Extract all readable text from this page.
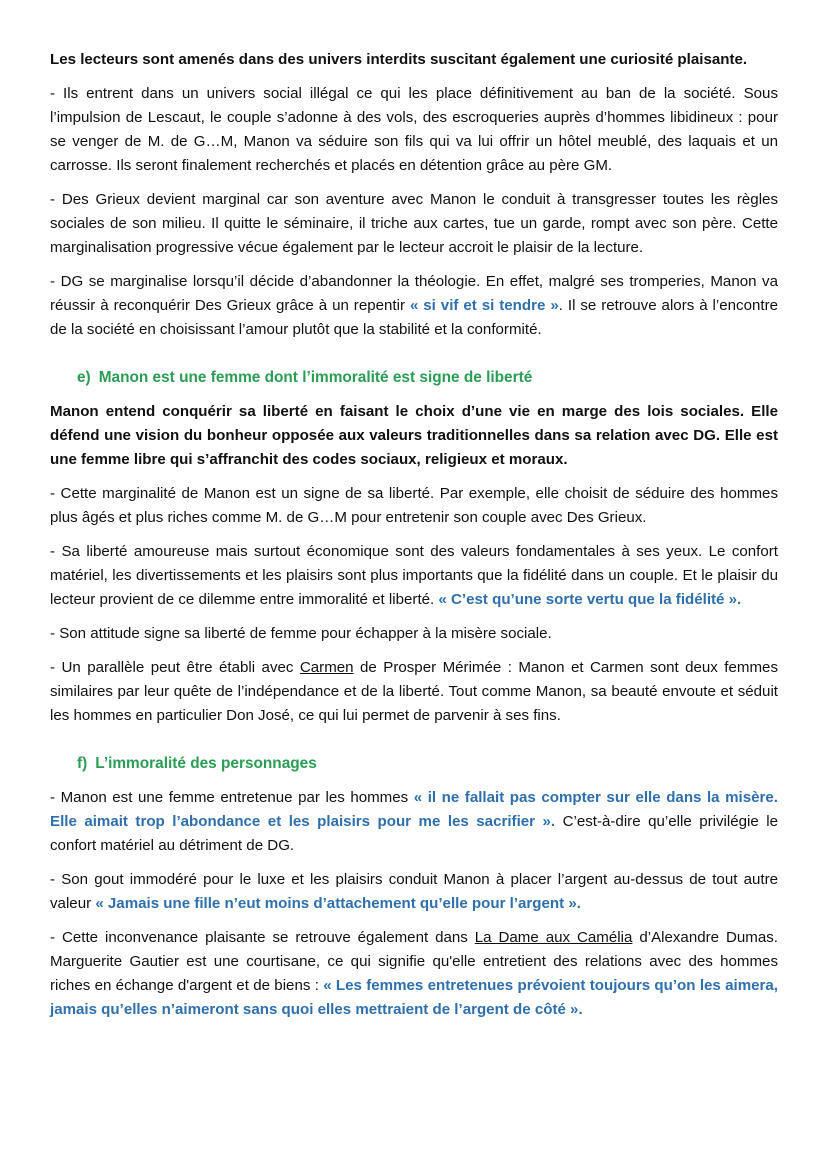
Les lecteurs sont amenés dans des univers interdits suscitant également une curiosité plaisante.

- Ils entrent dans un univers social illégal ce qui les place définitivement au ban de la société. Sous l’impulsion de Lescaut, le couple s’adonne à des vols, des escroqueries auprès d’hommes libidineux : pour se venger de M. de G…M, Manon va séduire son fils qui va lui offrir un hôtel meublé, des laquais et un carrosse. Ils seront finalement recherchés et placés en détention grâce au père GM.

- Des Grieux devient marginal car son aventure avec Manon le conduit à transgresser toutes les règles sociales de son milieu. Il quitte le séminaire, il triche aux cartes, tue un garde, rompt avec son père. Cette marginalisation progressive vécue également par le lecteur accroit le plaisir de la lecture.

- DG se marginalise lorsqu’il décide d’abandonner la théologie. En effet, malgré ses tromperies, Manon va réussir à reconquérir Des Grieux grâce à un repentir « si vif et si tendre ». Il se retrouve alors à l’encontre de la société en choisissant l’amour plutôt que la stabilité et la conformité.

e) Manon est une femme dont l’immoralité est signe de liberté

Manon entend conquérir sa liberté en faisant le choix d’une vie en marge des lois sociales. Elle défend une vision du bonheur opposée aux valeurs traditionnelles dans sa relation avec DG. Elle est une femme libre qui s’affranchit des codes sociaux, religieux et moraux.

- Cette marginalité de Manon est un signe de sa liberté. Par exemple, elle choisit de séduire des hommes plus âgés et plus riches comme M. de G…M pour entretenir son couple avec Des Grieux.

- Sa liberté amoureuse mais surtout économique sont des valeurs fondamentales à ses yeux. Le confort matériel, les divertissements et les plaisirs sont plus importants que la fidélité dans un couple. Et le plaisir du lecteur provient de ce dilemme entre immoralité et liberté. « C’est qu’une sorte vertu que la fidélité ».

- Son attitude signe sa liberté de femme pour échapper à la misère sociale.

- Un parallèle peut être établi avec Carmen de Prosper Mérimée : Manon et Carmen sont deux femmes similaires par leur quête de l’indépendance et de la liberté. Tout comme Manon, sa beauté envoute et séduit les hommes en particulier Don José, ce qui lui permet de parvenir à ses fins.

f) L’immoralité des personnages

- Manon est une femme entretenue par les hommes « il ne fallait pas compter sur elle dans la misère. Elle aimait trop l’abondance et les plaisirs pour me les sacrifier ». C’est-à-dire qu’elle privilégie le confort matériel au détriment de DG.

- Son gout immodéré pour le luxe et les plaisirs conduit Manon à placer l’argent au-dessus de tout autre valeur « Jamais une fille n’eut moins d’attachement qu’elle pour l’argent ».

- Cette inconvenance plaisante se retrouve également dans La Dame aux Camélia d’Alexandre Dumas. Marguerite Gautier est une courtisane, ce qui signifie qu'elle entretient des relations avec des hommes riches en échange d'argent et de biens : « Les femmes entretenues prévoient toujours qu’on les aimera, jamais qu’elles n’aimeront sans quoi elles mettraient de l’argent de côté ».
